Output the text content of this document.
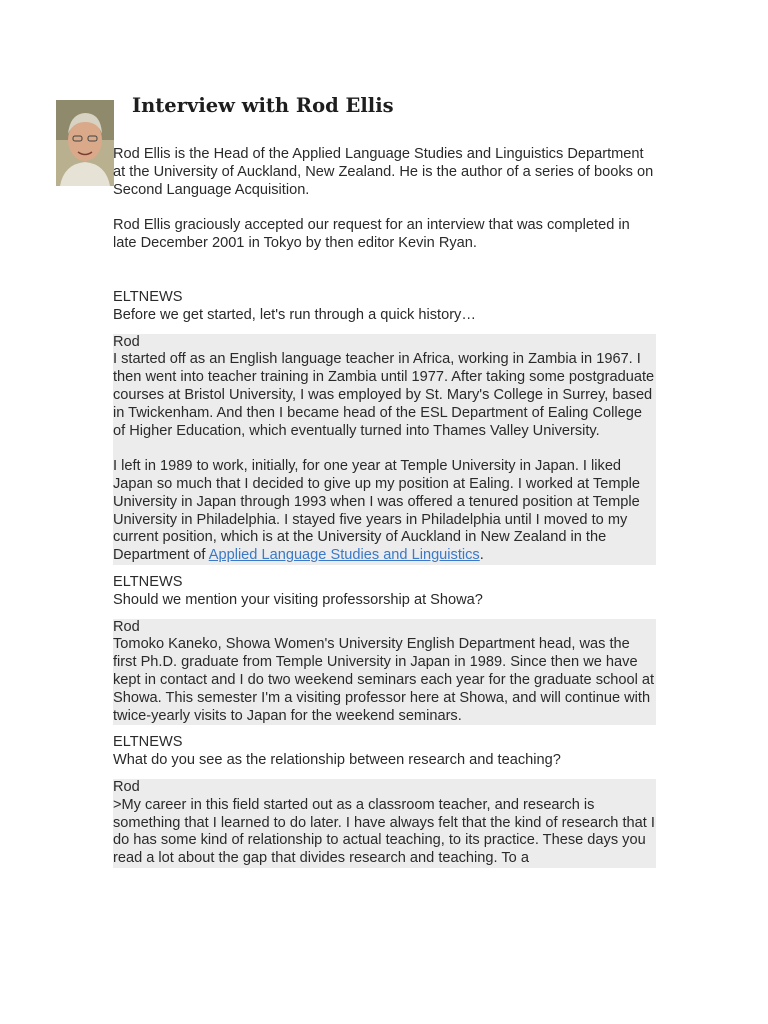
Interview with Rod Ellis

Rod Ellis is the Head of the Applied Language Studies and Linguistics Department at the University of Auckland, New Zealand. He is the author of a series of books on Second Language Acquisition.

Rod Ellis graciously accepted our request for an interview that was completed in late December 2001 in Tokyo by then editor Kevin Ryan.

ELTNEWS

Before we get started, let's run through a quick history…

Rod

I started off as an English language teacher in Africa, working in Zambia in 1967. I then went into teacher training in Zambia until 1977. After taking some postgraduate courses at Bristol University, I was employed by St. Mary's College in Surrey, based in Twickenham. And then I became head of the ESL Department of Ealing College of Higher Education, which eventually turned into Thames Valley University.

I left in 1989 to work, initially, for one year at Temple University in Japan. I liked Japan so much that I decided to give up my position at Ealing. I worked at Temple University in Japan through 1993 when I was offered a tenured position at Temple University in Philadelphia. I stayed five years in Philadelphia until I moved to my current position, which is at the University of Auckland in New Zealand in the Department of Applied Language Studies and Linguistics.

ELTNEWS

Should we mention your visiting professorship at Showa?

Rod

Tomoko Kaneko, Showa Women's University English Department head, was the first Ph.D. graduate from Temple University in Japan in 1989. Since then we have kept in contact and I do two weekend seminars each year for the graduate school at Showa. This semester I'm a visiting professor here at Showa, and will continue with twice-yearly visits to Japan for the weekend seminars.

ELTNEWS

What do you see as the relationship between research and teaching?

Rod

>My career in this field started out as a classroom teacher, and research is something that I learned to do later. I have always felt that the kind of research that I do has some kind of relationship to actual teaching, to its practice. These days you read a lot about the gap that divides research and teaching. To a
